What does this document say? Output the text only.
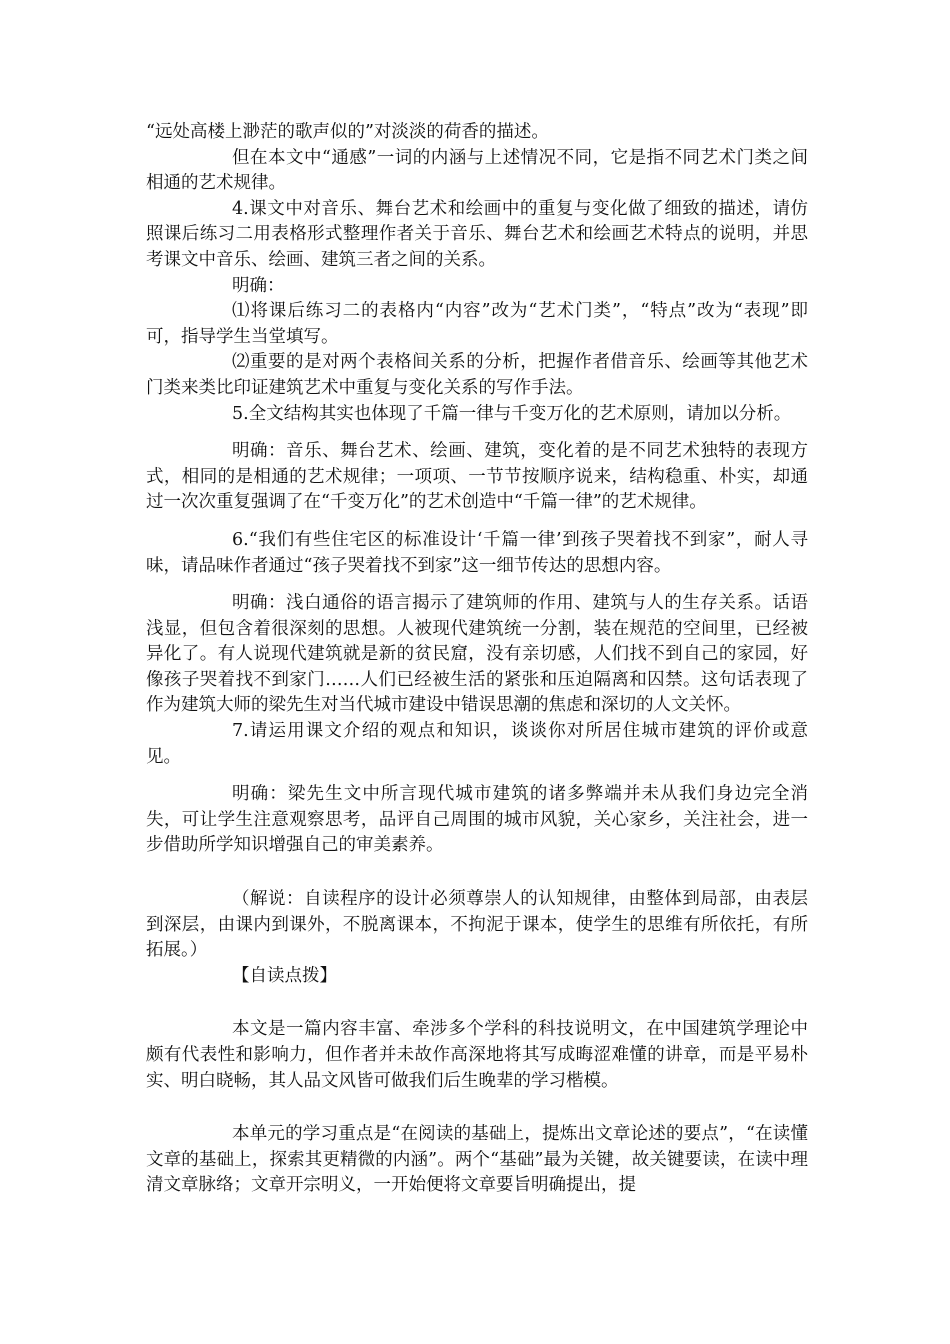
“远处高楼上渺茫的歌声似的”对淡淡的荷香的描述。

但在本文中“通感”一词的内涵与上述情况不同，它是指不同艺术门类之间相通的艺术规律。

4.课文中对音乐、舞台艺术和绘画中的重复与变化做了细致的描述，请仿照课后练习二用表格形式整理作者关于音乐、舞台艺术和绘画艺术特点的说明，并思考课文中音乐、绘画、建筑三者之间的关系。

明确：

⑴将课后练习二的表格内“内容”改为“艺术门类”，“特点”改为“表现”即可，指导学生当堂填写。

⑵重要的是对两个表格间关系的分析，把握作者借音乐、绘画等其他艺术门类来类比印证建筑艺术中重复与变化关系的写作手法。

5.全文结构其实也体现了千篇一律与千变万化的艺术原则，请加以分析。

明确：音乐、舞台艺术、绘画、建筑，变化着的是不同艺术独特的表现方式，相同的是相通的艺术规律；一项项、一节节按顺序说来，结构稳重、朴实，却通过一次次重复强调了在“千变万化”的艺术创造中“千篇一律”的艺术规律。

6.“我们有些住宅区的标准设计‘千篇一律’到孩子哭着找不到家”，耐人寻味，请品味作者通过“孩子哭着找不到家”这一细节传达的思想内容。

明确：浅白通俗的语言揭示了建筑师的作用、建筑与人的生存关系。话语浅显，但包含着很深刻的思想。人被现代建筑统一分割，装在规范的空间里，已经被异化了。有人说现代建筑就是新的贫民窟，没有亲切感，人们找不到自己的家园，好像孩子哭着找不到家门……人们已经被生活的紧张和压迫隔离和囚禁。这句话表现了作为建筑大师的梁先生对当代城市建设中错误思潮的焦虑和深切的人文关怀。

7.请运用课文介绍的观点和知识，谈谈你对所居住城市建筑的评价或意见。

明确：梁先生文中所言现代城市建筑的诸多弊端并未从我们身边完全消失，可让学生注意观察思考，品评自己周围的城市风貌，关心家乡，关注社会，进一步借助所学知识增强自己的审美素养。

（解说：自读程序的设计必须尊崇人的认知规律，由整体到局部，由表层到深层，由课内到课外，不脱离课本，不拘泥于课本，使学生的思维有所依托，有所拓展。）

【自读点拨】

本文是一篇内容丰富、牵涉多个学科的科技说明文，在中国建筑学理论中颇有代表性和影响力，但作者并未故作高深地将其写成晦涩难懂的讲章，而是平易朴实、明白晓畅，其人品文风皆可做我们后生晚辈的学习楷模。

本单元的学习重点是“在阅读的基础上，提炼出文章论述的要点”，“在读懂文章的基础上，探索其更精微的内涵”。两个“基础”最为关键，故关键要读，在读中理清文章脉络；文章开宗明义，一开始便将文章要旨明确提出，提
